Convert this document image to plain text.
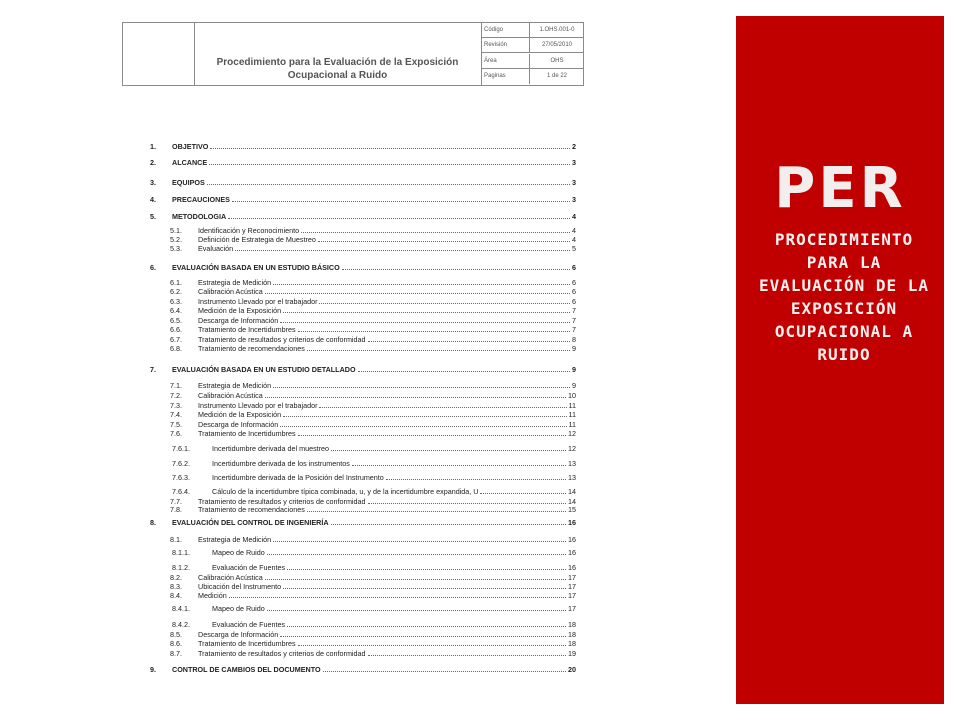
Procedimiento para la Evaluación de la Exposición
Ocupacional a Ruido
Código	1.OHS.001-0
Revisión	27/05/2010
Área	OHS
Paginas	1 de 22
1. OBJETIVO	2
2. ALCANCE	3
3. EQUIPOS	3
4. PRECAUCIONES	3
5. METODOLOGIA	4
5.1. Identificación y Reconocimiento	4
5.2. Definición de Estrategia de Muestreo	4
5.3. Evaluación	5
6. EVALUACIÓN BASADA EN UN ESTUDIO BÁSICO	6
6.1. Estrategia de Medición	6
6.2. Calibración Acústica	6
6.3. Instrumento Llevado por el trabajador	6
6.4. Medición de la Exposición	7
6.5. Descarga de Información	7
6.6. Tratamiento de Incertidumbres	7
6.7. Tratamiento de resultados y criterios de conformidad	8
6.8. Tratamiento de recomendaciones	9
7. EVALUACIÓN BASADA EN UN ESTUDIO DETALLADO	9
7.1. Estrategia de Medición	9
7.2. Calibración Acústica	10
7.3. Instrumento Llevado por el trabajador	11
7.4. Medición de la Exposición	11
7.5. Descarga de Información	11
7.6. Tratamiento de Incertidumbres	12
7.6.1.	Incertidumbre derivada del muestreo	12
7.6.2.	Incertidumbre derivada de los instrumentos	13
7.6.3.	Incertidumbre derivada de la Posición del Instrumento	13
7.6.4.	Cálculo de la incertidumbre típica combinada, u, y de la incertidumbre expandida, U	14
7.7. Tratamiento de resultados y criterios de conformidad	14
7.8. Tratamiento de recomendaciones	15
8. EVALUACIÓN DEL CONTROL DE INGENIERÍA	16
8.1. Estrategia de Medición	16
8.1.1.	Mapeo de Ruido	16
8.1.2.	Evaluación de Fuentes	16
8.2. Calibración Acústica	17
8.3. Ubicación del Instrumento	17
8.4. Medición	17
8.4.1.	Mapeo de Ruido	17
8.4.2.	Evaluación de Fuentes	18
8.5. Descarga de Información	18
8.6. Tratamiento de Incertidumbres	18
8.7. Tratamiento de resultados y criterios de conformidad	19
9. CONTROL DE CAMBIOS DEL DOCUMENTO	20
PER
PROCEDIMIENTO PARA LA EVALUACIÓN DE LA EXPOSICIÓN OCUPACIONAL A RUIDO
